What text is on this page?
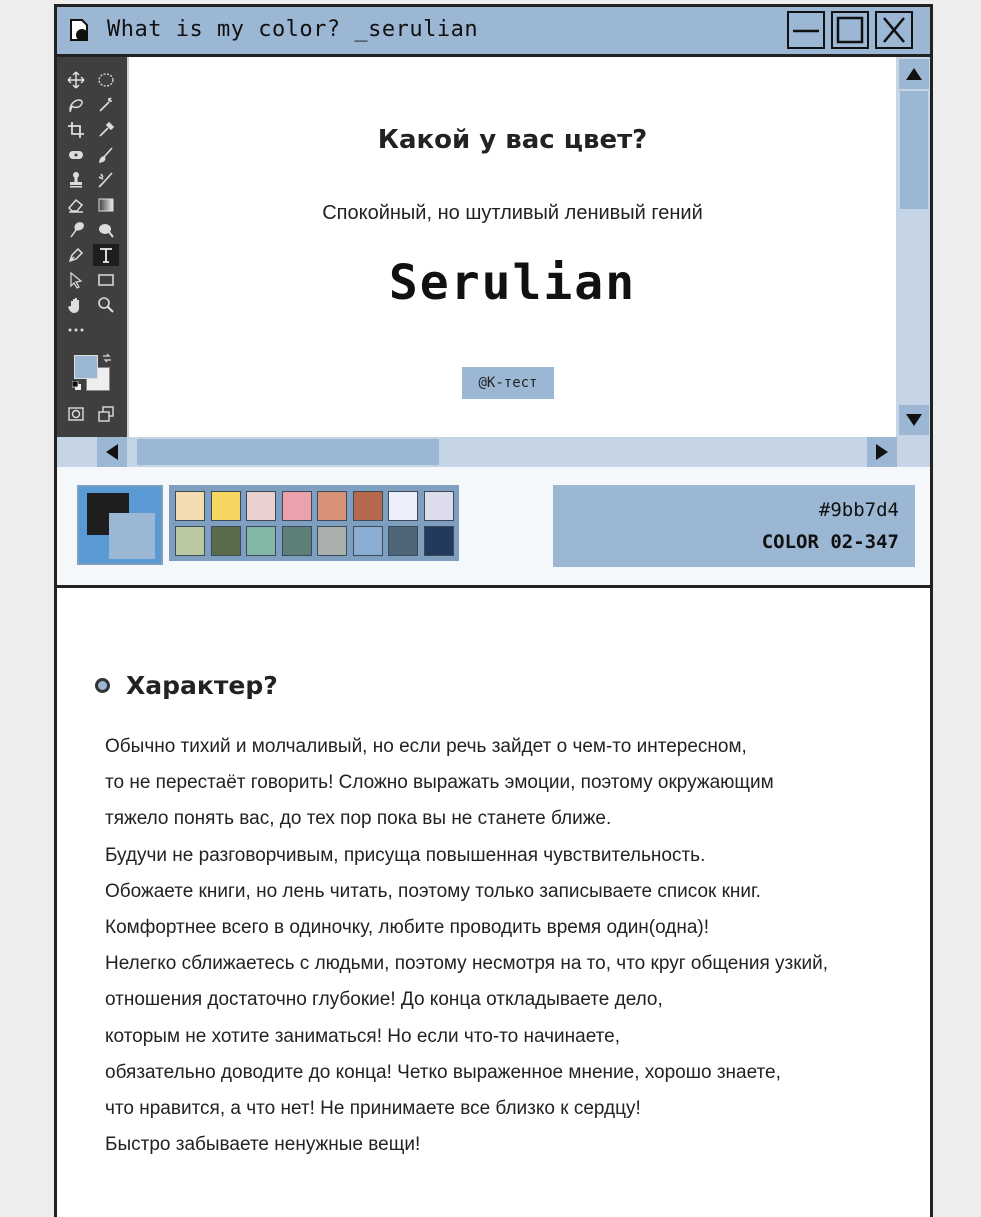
What is my color? _serulian
Какой у вас цвет?
Спокойный, но шутливый ленивый гений
Serulian
@K-тест
#9bb7d4
COLOR 02-347
Характер?
Обычно тихий и молчаливый, но если речь зайдет о чем-то интересном,
то не перестаёт говорить! Сложно выражать эмоции, поэтому окружающим
тяжело понять вас, до тех пор пока вы не станете ближе.
Будучи не разговорчивым, присуща повышенная чувствительность.
Обожаете книги, но лень читать, поэтому только записываете список книг.
Комфортнее всего в одиночку, любите проводить время один(одна)!
Нелегко сближаетесь с людьми, поэтому несмотря на то, что круг общения узкий,
отношения достаточно глубокие! До конца откладываете дело,
которым не хотите заниматься! Но если что-то начинаете,
обязательно доводите до конца! Четко выраженное мнение, хорошо знаете,
что нравится, а что нет! Не принимаете все близко к сердцу!
Быстро забываете ненужные вещи!
